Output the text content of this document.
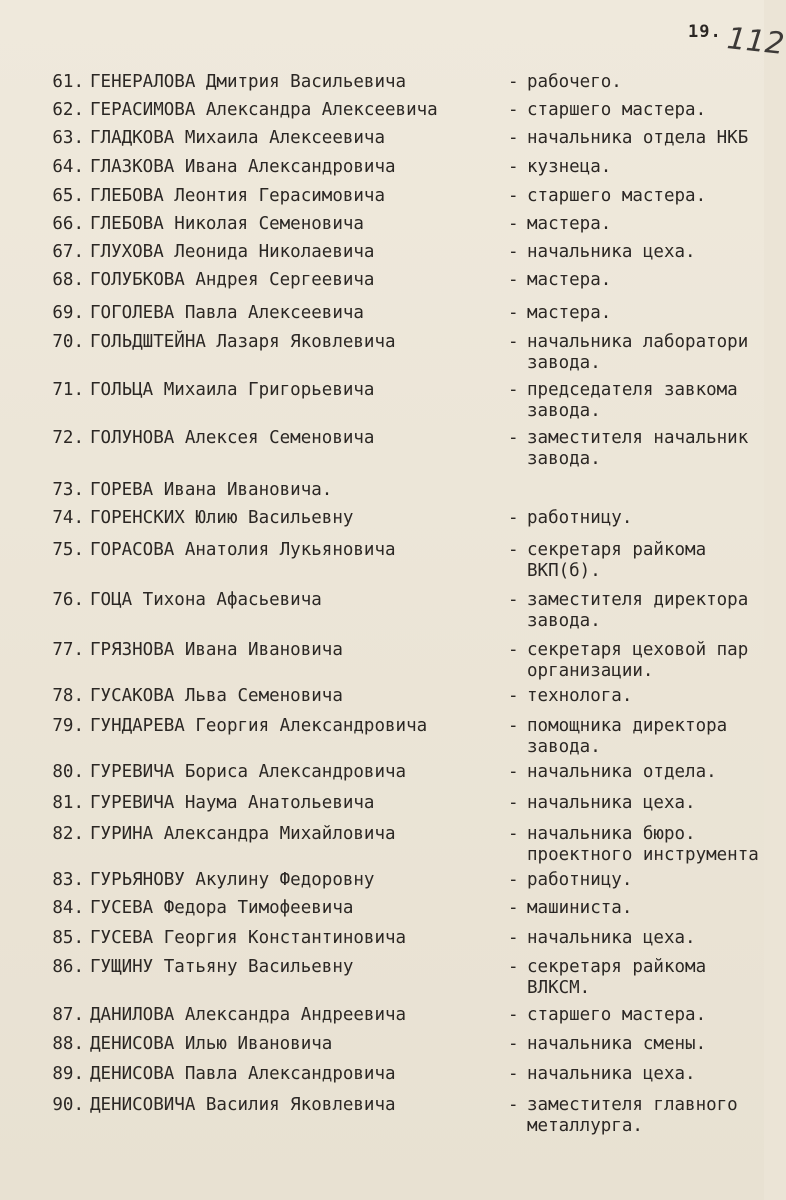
19. 112
61. ГЕНЕРАЛОВА Дмитрия Васильевича	- рабочего.
62. ГЕРАСИМОВА Александра Алексеевича	- старшего мастера.
63. ГЛАДКОВА Михаила Алексеевича	- начальника отдела НКБ
64. ГЛАЗКОВА Ивана Александровича	- кузнеца.
65. ГЛЕБОВА Леонтия Герасимовича	- старшего мастера.
66. ГЛЕБОВА Николая Семеновича	- мастера.
67. ГЛУХОВА Леонида Николаевича	- начальника цеха.
68. ГОЛУБКОВА Андрея Сергеевича	- мастера.
69. ГОГОЛЕВА Павла Алексеевича	- мастера.
70. ГОЛЬДШТЕЙНА Лазаря Яковлевича	- начальника лаборатори
завода.
71. ГОЛЬЦА Михаила Григорьевича	- председателя завкома
завода.
72. ГОЛУНОВА Алексея Семеновича	- заместителя начальник
завода.
73. ГОРЕВА Ивана Ивановича.
74. ГОРЕНСКИХ Юлию Васильевну	- работницу.
75. ГОРАСОВА Анатолия Лукьяновича	- секретаря райкома
ВКП(б).
76. ГОЦА Тихона Афасьевича	- заместителя директора
завода.
77. ГРЯЗНОВА Ивана Ивановича	- секретаря цеховой пар
организации.
78. ГУСАКОВА Льва Семеновича	- технолога.
79. ГУНДАРЕВА Георгия Александровича	- помощника директора
завода.
80. ГУРЕВИЧА Бориса Александровича	- начальника отдела.
81. ГУРЕВИЧА Наума Анатольевича	- начальника цеха.
82. ГУРИНА Александра Михайловича	- начальника бюро.
проектного инструмента
83. ГУРЬЯНОВУ Акулину Федоровну	- работницу.
84. ГУСЕВА Федора Тимофеевича	- машиниста.
85. ГУСЕВА Георгия Константиновича	- начальника цеха.
86. ГУЩИНУ Татьяну Васильевну	- секретаря райкома
ВЛКСМ.
87. ДАНИЛОВА Александра Андреевича	- старшего мастера.
88. ДЕНИСОВА Илью Ивановича	- начальника смены.
89. ДЕНИСОВА Павла Александровича	- начальника цеха.
90. ДЕНИСОВИЧА Василия Яковлевича	- заместителя главного
металлурга.
